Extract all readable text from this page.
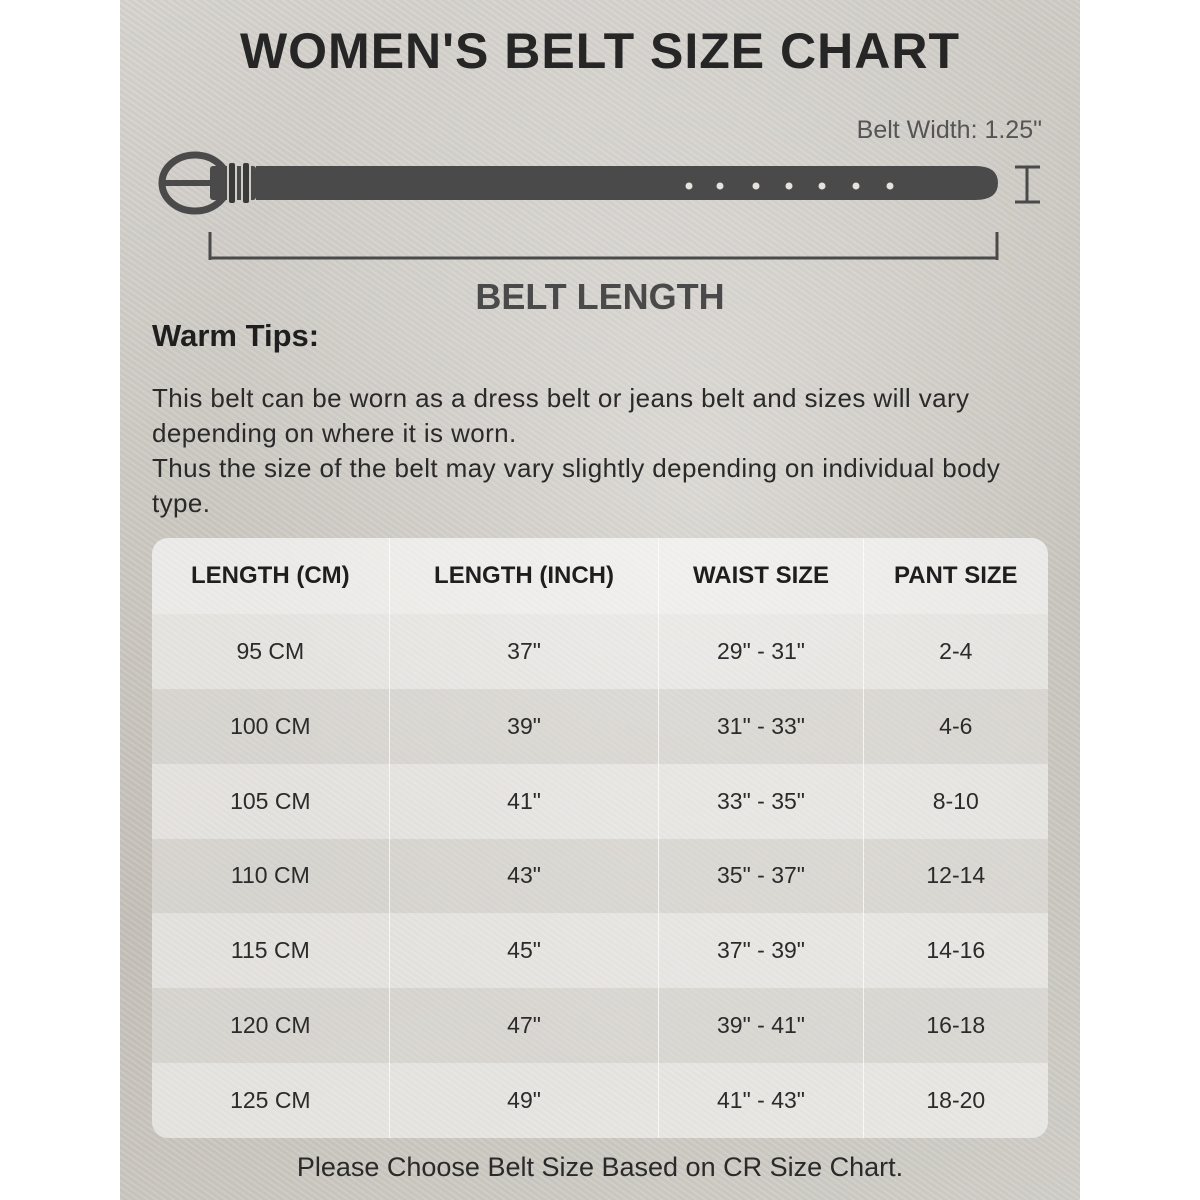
WOMEN'S BELT SIZE CHART
Belt Width: 1.25"
BELT LENGTH
Warm Tips:

This belt can be worn as a dress belt or jeans belt and sizes will vary depending on where it is worn.

Thus the size of the belt may vary slightly depending on individual body type.

LENGTH (CM)	LENGTH (INCH)	WAIST SIZE	PANT SIZE
95 CM	37"	29" - 31"	2-4
100 CM	39"	31" - 33"	4-6
105 CM	41"	33" - 35"	8-10
110 CM	43"	35" - 37"	12-14
115 CM	45"	37" - 39"	14-16
120 CM	47"	39" - 41"	16-18
125 CM	49"	41" - 43"	18-20
Please Choose Belt Size Based on CR Size Chart.
